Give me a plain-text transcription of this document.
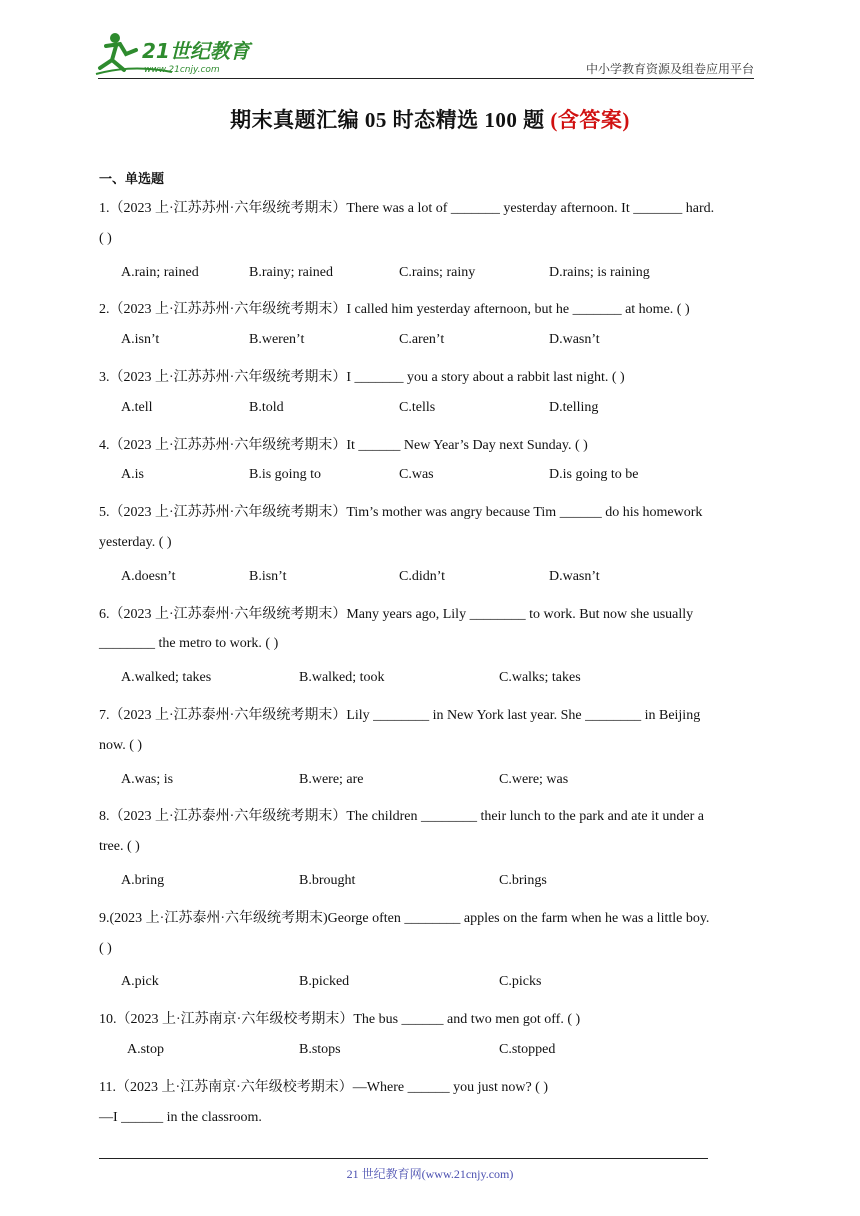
21世纪教育
www.21cnjy.com	中小学教育资源及组卷应用平台
期末真题汇编 05 时态精选 100 题 (含答案)
一、单选题
1.（2023 上·江苏苏州·六年级统考期末）There was a lot of _______ yesterday afternoon. It _______ hard.
( )
A.rain; rained	B.rainy; rained	C.rains; rainy	D.rains; is raining
2.（2023 上·江苏苏州·六年级统考期末）I called him yesterday afternoon, but he _______ at home. ( )
A.isn’t	B.weren’t	C.aren’t	D.wasn’t
3.（2023 上·江苏苏州·六年级统考期末）I _______ you a story about a rabbit last night. ( )
A.tell	B.told	C.tells	D.telling
4.（2023 上·江苏苏州·六年级统考期末）It ______ New Year’s Day next Sunday. ( )
A.is	B.is going to	C.was	D.is going to be
5.（2023 上·江苏苏州·六年级统考期末）Tim’s mother was angry because Tim ______ do his homework
yesterday. ( )
A.doesn’t	B.isn’t	C.didn’t	D.wasn’t
6.（2023 上·江苏泰州·六年级统考期末）Many years ago, Lily ________ to work. But now she usually
________ the metro to work. ( )
A.walked; takes	B.walked; took	C.walks; takes
7.（2023 上·江苏泰州·六年级统考期末）Lily ________ in New York last year. She ________ in Beijing
now. ( )
A.was; is	B.were; are	C.were; was
8.（2023 上·江苏泰州·六年级统考期末）The children ________ their lunch to the park and ate it under a
tree. ( )
A.bring	B.brought	C.brings
9.(2023 上·江苏泰州·六年级统考期末)George often ________ apples on the farm when he was a little boy.
( )
A.pick	B.picked	C.picks
10.（2023 上·江苏南京·六年级校考期末）The bus ______ and two men got off. ( )
A.stop	B.stops	C.stopped
11.（2023 上·江苏南京·六年级校考期末）—Where ______ you just now? ( )
—I ______ in the classroom.
21 世纪教育网(www.21cnjy.com)
